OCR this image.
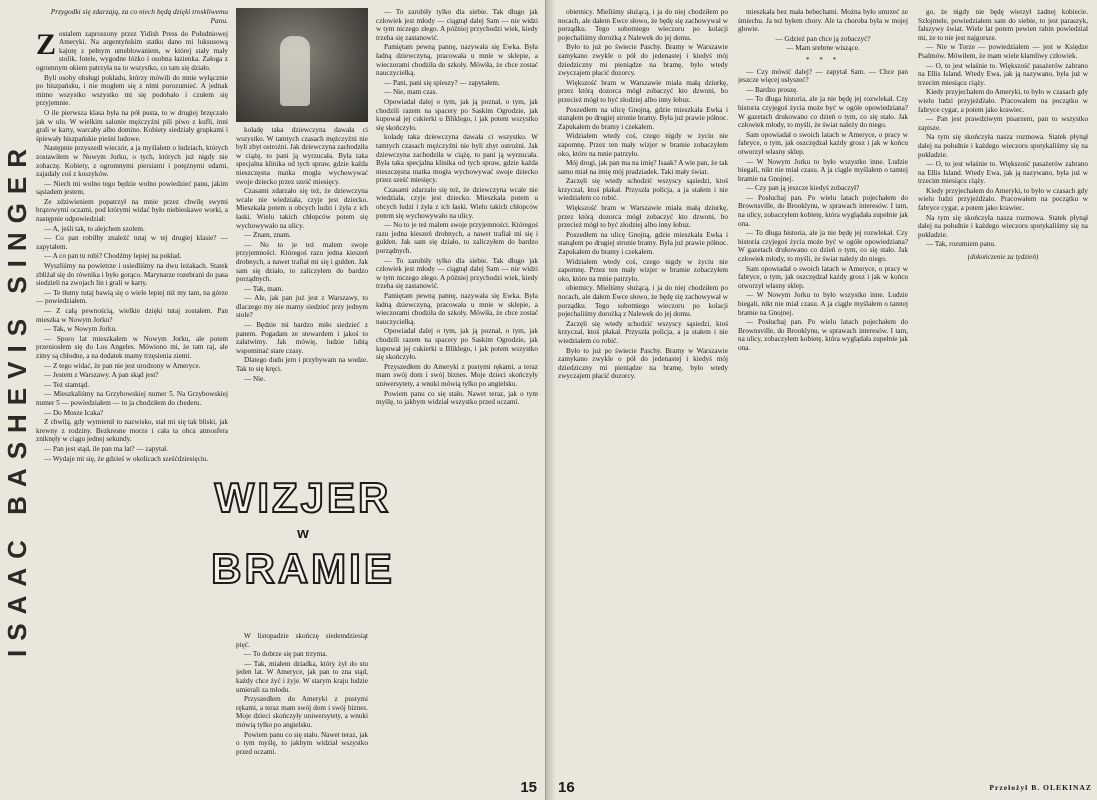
ISAAC BASHEVIS SINGER
Przygodki się zdarzają, za co niech będą dzięki troskliwemu Panu.
Z ostalem zaproszony przez Yidish Press do Południowej Ameryki. Na argentyńskim statku dano mi luksusową kajutę z pełnym umeblowaniem, w której stały mały stolik, fotele, wygodne łóżko i osobna łazienka. Załoga z ogromnym okiem patrzyła na to wszystko, co tam się działo.

Byli osoby obsługi pokładu, którzy mówili do mnie wyłącznie po hiszpańsku, i nie mogłem się z nimi porozumieć. A jednak mimo wszystko wszystko mi się podobało i czułem się przyjemnie.

O ile pierwsza klasa była na pół pusta, to w drugiej brzęczało jak w ulu. W wielkim salonie mężczyźni pili piwo z kufli, inni grali w karty, warcaby albo domino. Kobiety siedziały grupkami i śpiewały hiszpańskie pieśni ludowe.

Następnie przyszedł wieczór, a ja myślałem o ludziach, których zostawiłem w Nowym Jorku, o tych, których już nigdy nie zobaczę. Kobiety, z ogromnymi piersiami i potężnymi udami, zajadały coś z koszyków.

— Niech mi wolno tego będzie wolno powiedzieć panu, jakim sąsiadem jestem.

Ze zdziwieniem popatrzył na mnie przez chwilę swymi brązowymi oczami, pod którymi widać było niebieskawe worki, a następnie odpowiedział:

— A, jeśli tak, to alejchem szolem.

— Co pan robiłby znaleźć tutaj w tej drugiej klasie? — zapytałem.

— A co pan tu robi? Chodźmy lepiej na pokład.

Wyszliśmy na powietrze i usiedliśmy na dwu leżakach. Statek zbliżał się do równika i było gorąco. Marynarze rozebrani do pasa siedzieli na zwojach lin i grali w karty.

— Te tłumy tutaj bawią się o wiele lepiej niż my tam, na górze — powiedziałem.

— Z całą pewnością, wielkie dzięki tutaj zostałem. Pan mieszka w Nowym Jorku?

— Tak, w Nowym Jorku.

— Sporo lat mieszkałem w Nowym Jorku, ale potem przeniosłem się do Los Angeles. Mówiono mi, że tam raj, ale zimy są chłodne, a na dodatek mamy trzęsienia ziemi.

— Z tego widać, że pan nie jest urodzony w Ameryce.

— Jestem z Warszawy. A pan skąd jest?

— Też stamtąd.

— Mieszkaliśmy na Grzybowskiej numer 5. Na Grzybowskiej numer 5 — powiedziałem — to ja chodziłem do chederu.

— Do Mosze Icaka?

Z chwilą, gdy wymienił to nazwisko, stał mi się tak bliski, jak krewny z rodziny. Bezkresne morze i cała ta obca atmosfera zniknęły w ciągu jednej sekundy.

— Pan jest stąd, ile pan ma lat? — zapytał.

— Wydaje mi się, że gdzieś w okolicach sześćdziesięciu.

koladę taka dziewczyna dawała ci wszystko. W tamtych czasach mężczyźni nie byli zbyt ostrożni. Jak dziewczyna zachodziła w ciążę, to pani ją wyrzucała. Była taka specjalna klinika od tych spraw, gdzie kaźda nieszczęsna matka mogła wychowywać swoje dziecko przez sześć miesięcy.

Czasami zdarzało się też, że dziewczyna wcale nie wiedziała, czyje jest dziecko. Mieszkała potem u obcych ludzi i żyła z ich łaski. Wielu takich chłopców potem się wychowywało na ulicy.

— Znam, znam.

— No to je też malem swoje przyjemności. Któregoś razu jedna kieszeń drobnych, a nawet trafiał mi się i gulden. Jak sam się działo, to zaliczyłem do bardzo porządnych.

— Tak, mam.

— Ale, jak pan już jest z Warszawy, to dlaczego my nie mamy siedzieć przy jednym stole?

— Będzie mi bardzo miło siedzieć z panem. Pogadam ze stewardem i jakoś to załatwimy. Jak mówię, ludzie lubią wspominać stare czasy.

Dlatego dudu jem i przybywam na wodze. Tak to się kręci.

— Nie.

WIZJER
w
BRAMIE

W listopadzie skończę siedemdziesiąt pięć.

— To dobrze się pan trzyma.

— Tak, miałem dziadka, który żył do stu jeden lat. W Ameryce, jak pan to zna stąd, każdy chce żyć i żyje. W starym kraju ludzie umierali za młodu.

Przyszedłem do Ameryki z pustymi rękami, a teraz mam swój dom i swój biznes. Moje dzieci skończyły uniwersytety, a wnuki mówią tylko po angielsku.

Powiem panu co się stało. Nawet teraz, jak o tym myślę, to jakbym widział wszystko przed oczami.

— To zarobiły tylko dla siebie. Tak długo jak człowiek jest młody — ciągnął dalej Sam — nie widzi w tym niczego złego. A później przychodzi wiek, kiedy trzeba się zastanowić.

Pamiętam pewną pannę, nazywała się Ewka. Była ładną dziewczyną, pracowała u mnie w sklepie, a wieczorami chodziła do szkoły. Mówiła, że chce zostać nauczycielką.

— Pani, pani się spieszy? — zapytałem.

— Nie, mam czas.

Opowiadał dalej o tym, jak ją poznał, o tym, jak chodzili razem na spacery po Saskim Ogrodzie, jak kupował jej cukierki u Bliklego, i jak potem wszystko się skończyło.

koladę taka dziewczyna dawała ci wszystko. W tamtych czasach mężczyźni nie byli zbyt ostrożni. Jak dziewczyna zachodziła w ciążę, to pani ją wyrzucała. Była taka specjalna klinika od tych spraw, gdzie kaźda nieszczęsna matka mogła wychowywać swoje dziecko przez sześć miesięcy.

Czasami zdarzało się też, że dziewczyna wcale nie wiedziała, czyje jest dziecko. Mieszkała potem u obcych ludzi i żyła z ich łaski. Wielu takich chłopców potem się wychowywało na ulicy.

— No to je też malem swoje przyjemności. Któregoś razu jedna kieszeń drobnych, a nawet trafiał mi się i gulden. Jak sam się działo, to zaliczyłem do bardzo porządnych.

— To zarobiły tylko dla siebie. Tak długo jak człowiek jest młody — ciągnął dalej Sam — nie widzi w tym niczego złego. A później przychodzi wiek, kiedy trzeba się zastanowić.

Pamiętam pewną pannę, nazywała się Ewka. Była ładną dziewczyną, pracowała u mnie w sklepie, a wieczorami chodziła do szkoły. Mówiła, że chce zostać nauczycielką.

Opowiadał dalej o tym, jak ją poznał, o tym, jak chodzili razem na spacery po Saskim Ogrodzie, jak kupował jej cukierki u Bliklego, i jak potem wszystko się skończyło.

Przyszedłem do Ameryki z pustymi rękami, a teraz mam swój dom i swój biznes. Moje dzieci skończyły uniwersytety, a wnuki mówią tylko po angielsku.

Powiem panu co się stało. Nawet teraz, jak o tym myślę, to jakbym widział wszystko przed oczami.

15

obietnicy. Mieliśmy służącą, i ja do niej chodziłem po nocach, ale dałem Ewce słowo, że będę się zachowywał w porządku. Tego sobotniego wieczoru po kolacji pojechaliśmy dorożką z Nalewek do jej domu.

Było to już po świecie Paschy. Bramy w Warszawie zamykano zwykle o pół do jedenastej i kiedyś mój dziedziczny mi pieniądze na bramę, było wtedy zwyczajem płacić dozorcy.

Większość bram w Warszawie miała małą dziurkę, przez którą dozorca mógł zobaczyć kto dzwoni, bo przecież mógł to być złodziej albo inny łobuz.

Poszedłem na ulicę Gnojną, gdzie mieszkała Ewka i stanąłem po drugiej stronie bramy. Była już prawie północ. Zapukałem do bramy i czekałem.

Widziałem wtedy coś, czego nigdy w życiu nie zapomnę. Przez ten mały wizjer w bramie zobaczyłem oko, które na mnie patrzyło.

Mój drogi, jak pan ma na imię? Isaak? A wie pan, że tak samo miał na imię mój pradziadek. Taki mały świat.

Zaczęli się wtedy schodzić wszyscy sąsiedzi, ktoś krzyczał, ktoś płakał. Przyszła policja, a ja stałem i nie wiedziałem co robić.

Większość bram w Warszawie miała małą dziurkę, przez którą dozorca mógł zobaczyć kto dzwoni, bo przecież mógł to być złodziej albo inny łobuz.

Poszedłem na ulicę Gnojną, gdzie mieszkała Ewka i stanąłem po drugiej stronie bramy. Była już prawie północ. Zapukałem do bramy i czekałem.

Widziałem wtedy coś, czego nigdy w życiu nie zapomnę. Przez ten mały wizjer w bramie zobaczyłem oko, które na mnie patrzyło.

obietnicy. Mieliśmy służącą, i ja do niej chodziłem po nocach, ale dałem Ewce słowo, że będę się zachowywał w porządku. Tego sobotniego wieczoru po kolacji pojechaliśmy dorożką z Nalewek do jej domu.

Zaczęli się wtedy schodzić wszyscy sąsiedzi, ktoś krzyczał, ktoś płakał. Przyszła policja, a ja stałem i nie wiedziałem co robić.

Było to już po świecie Paschy. Bramy w Warszawie zamykano zwykle o pół do jedenastej i kiedyś mój dziedziczny mi pieniądze na bramę, było wtedy zwyczajem płacić dozorcy.

mieszkała bez mała bebechami. Można było umrzeć ze śmiechu. Ja też byłem chory. Ale ta choroba była w mojej głowie.

— Gdzież pan chce ją zobaczyć?

— Mam srebrne wiszące.

* * *

— Czy mówić dalej? — zapytał Sam. — Chce pan jeszcze więcej usłyszeć?

— Bardzo proszę.

— To długa historia, ale ja nie będę jej rozwlekał. Czy historia czyjegoś życia może być w ogóle opowiedziana? W gazetach drukowano co dzień o tym, co się stało. Jak człowiek młody, to myśli, że świat należy do niego.

Sam opowiadał o swoich latach w Ameryce, o pracy w fabryce, o tym, jak oszczędzał każdy grosz i jak w końcu otworzył własny sklep.

— W Nowym Jorku to było wszystko inne. Ludzie biegali, nikt nie miał czasu. A ja ciągle myślałem o tamtej bramie na Gnojnej.

— Czy pan ją jeszcze kiedyś zobaczył?

— Posłuchaj pan. Po wielu latach pojechałem do Brownsville, do Brooklynu, w sprawach interesów. I tam, na ulicy, zobaczyłem kobietę, która wyglądała zupełnie jak ona.

— To długa historia, ale ja nie będę jej rozwlekał. Czy historia czyjegoś życia może być w ogóle opowiedziana? W gazetach drukowano co dzień o tym, co się stało. Jak człowiek młody, to myśli, że świat należy do niego.

Sam opowiadał o swoich latach w Ameryce, o pracy w fabryce, o tym, jak oszczędzał każdy grosz i jak w końcu otworzył własny sklep.

— W Nowym Jorku to było wszystko inne. Ludzie biegali, nikt nie miał czasu. A ja ciągle myślałem o tamtej bramie na Gnojnej.

— Posłuchaj pan. Po wielu latach pojechałem do Brownsville, do Brooklynu, w sprawach interesów. I tam, na ulicy, zobaczyłem kobietę, która wyglądała zupełnie jak ona.

go, że nigdy nie będę wierzył żadnej kobiecie. Szlojmele, powiedziałem sam do siebie, to jest paraszyk, fałszywy świat. Wiele lat potem pewien rabin powiedział mi, że to nie jest najgorsze.

— Nie w Torze — powiedziałem — jest w Księdze Psalmów. Mówiłem, że mam wiele kłamliwy człowiek.

— O, to jest właśnie to. Większość pasażerów zabrano na Ellis Island. Wtedy Ewa, jak ją nazywano, była już w trzecim miesiącu ciąży.

Kiedy przyjechałem do Ameryki, to było w czasach gdy wielu ludzi przyjeżdżało. Pracowałem na początku w fabryce cygar, a potem jako krawiec.

— Pan jest prawdziwym pisarzem, pan to wszystko zapisze.

Na tym się skończyła nasza rozmowa. Statek płynął dalej na południe i każdego wieczoru spotykaliśmy się na pokładzie.

— O, to jest właśnie to. Większość pasażerów zabrano na Ellis Island. Wtedy Ewa, jak ją nazywano, była już w trzecim miesiącu ciąży.

Kiedy przyjechałem do Ameryki, to było w czasach gdy wielu ludzi przyjeżdżało. Pracowałem na początku w fabryce cygar, a potem jako krawiec.

Na tym się skończyła nasza rozmowa. Statek płynął dalej na południe i każdego wieczoru spotykaliśmy się na pokładzie.

— Tak, rozumiem panu.

(dokończenie za tydzień)
Przełożył B. OLEKINAZ
16
